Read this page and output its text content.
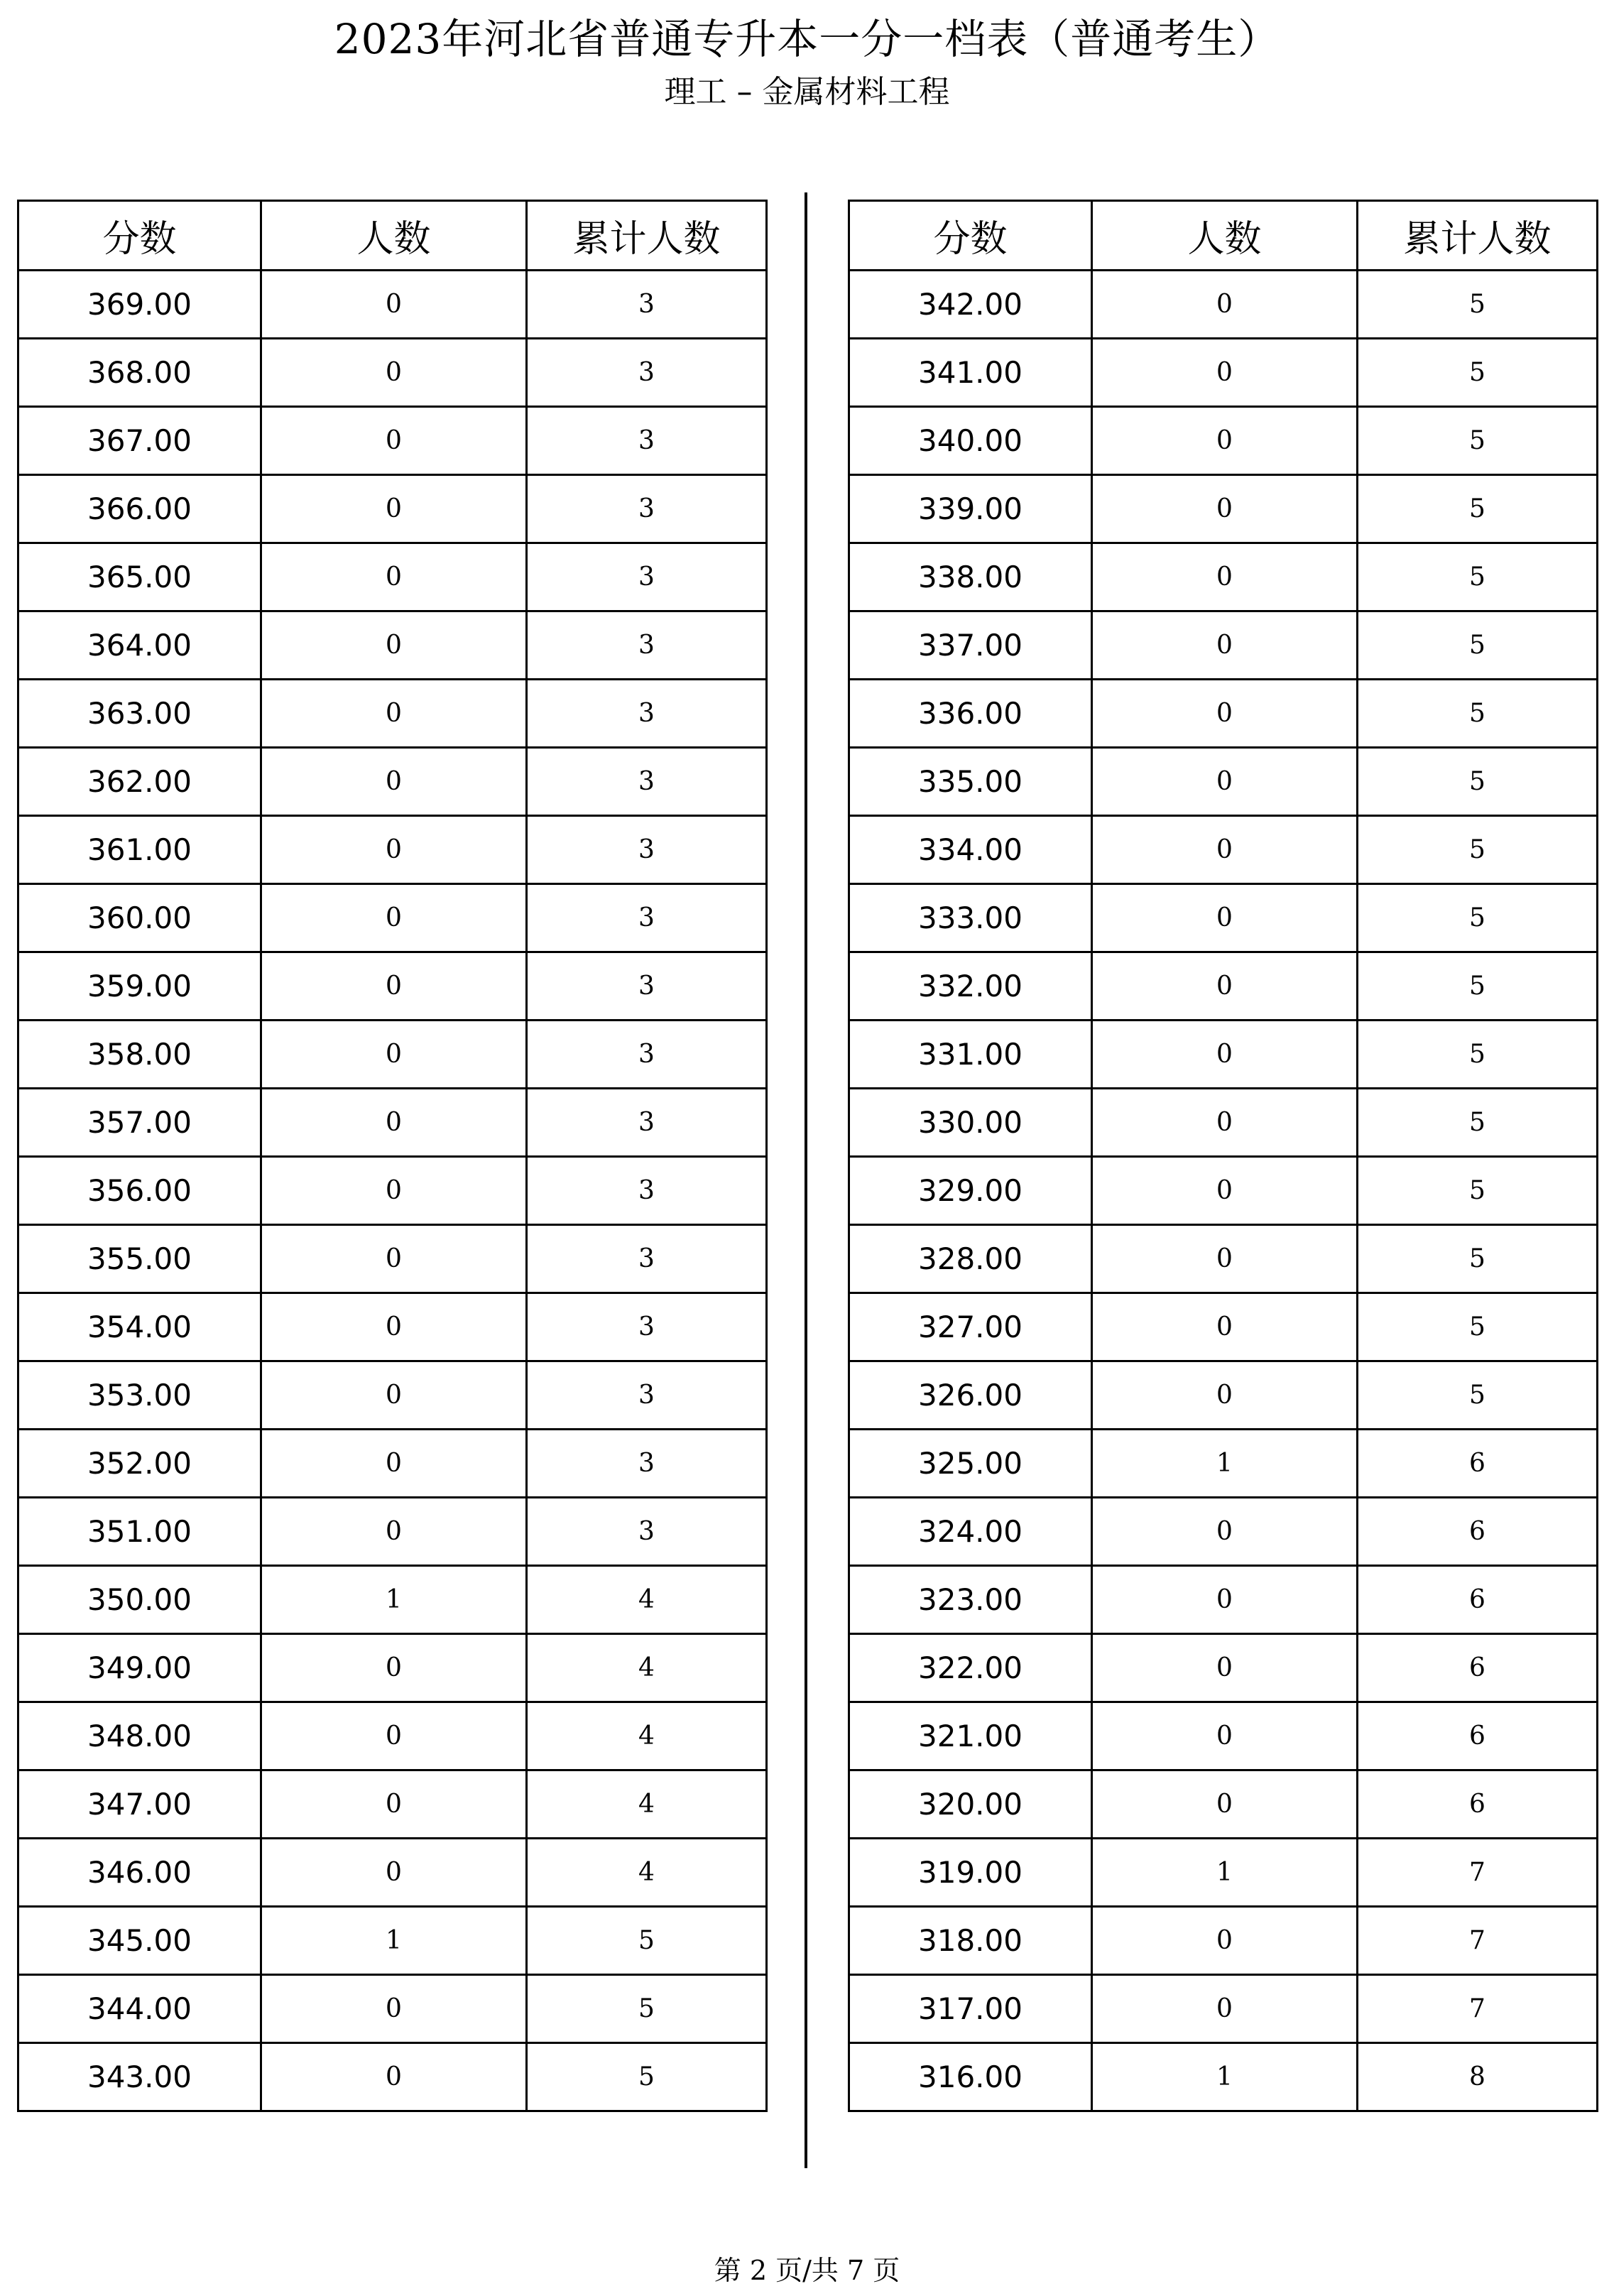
2023年河北省普通专升本一分一档表（普通考生）
理工 – 金属材料工程
分数	人数	累计人数
369.00	0	3
368.00	0	3
367.00	0	3
366.00	0	3
365.00	0	3
364.00	0	3
363.00	0	3
362.00	0	3
361.00	0	3
360.00	0	3
359.00	0	3
358.00	0	3
357.00	0	3
356.00	0	3
355.00	0	3
354.00	0	3
353.00	0	3
352.00	0	3
351.00	0	3
350.00	1	4
349.00	0	4
348.00	0	4
347.00	0	4
346.00	0	4
345.00	1	5
344.00	0	5
343.00	0	5
分数	人数	累计人数
342.00	0	5
341.00	0	5
340.00	0	5
339.00	0	5
338.00	0	5
337.00	0	5
336.00	0	5
335.00	0	5
334.00	0	5
333.00	0	5
332.00	0	5
331.00	0	5
330.00	0	5
329.00	0	5
328.00	0	5
327.00	0	5
326.00	0	5
325.00	1	6
324.00	0	6
323.00	0	6
322.00	0	6
321.00	0	6
320.00	0	6
319.00	1	7
318.00	0	7
317.00	0	7
316.00	1	8
第 2 页/共 7 页
